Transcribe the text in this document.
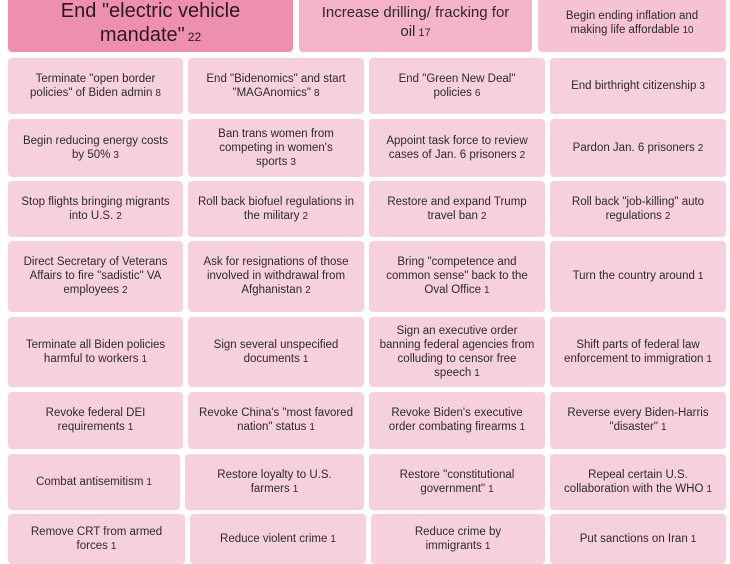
End "electric vehicle mandate" 22
Increase drilling/ fracking for oil 17
Begin ending inflation and making life affordable 10
Terminate "open border policies" of Biden admin 8
End "Bidenomics" and start "MAGAnomics" 8
End "Green New Deal" policies 6
End birthright citizenship 3
Begin reducing energy costs by 50% 3
Ban trans women from competing in women's sports 3
Appoint task force to review cases of Jan. 6 prisoners 2
Pardon Jan. 6 prisoners 2
Stop flights bringing migrants into U.S. 2
Roll back biofuel regulations in the military 2
Restore and expand Trump travel ban 2
Roll back "job-killing" auto regulations 2
Direct Secretary of Veterans Affairs to fire "sadistic" VA employees 2
Ask for resignations of those involved in withdrawal from Afghanistan 2
Bring "competence and common sense" back to the Oval Office 1
Turn the country around 1
Terminate all Biden policies harmful to workers 1
Sign several unspecified documents 1
Sign an executive order banning federal agencies from colluding to censor free speech 1
Shift parts of federal law enforcement to immigration 1
Revoke federal DEI requirements 1
Revoke China's "most favored nation" status 1
Revoke Biden's executive order combating firearms 1
Reverse every Biden-Harris "disaster" 1
Combat antisemitism 1
Restore loyalty to U.S. farmers 1
Restore "constitutional government" 1
Repeal certain U.S. collaboration with the WHO 1
Remove CRT from armed forces 1
Reduce violent crime 1
Reduce crime by immigrants 1
Put sanctions on Iran 1
